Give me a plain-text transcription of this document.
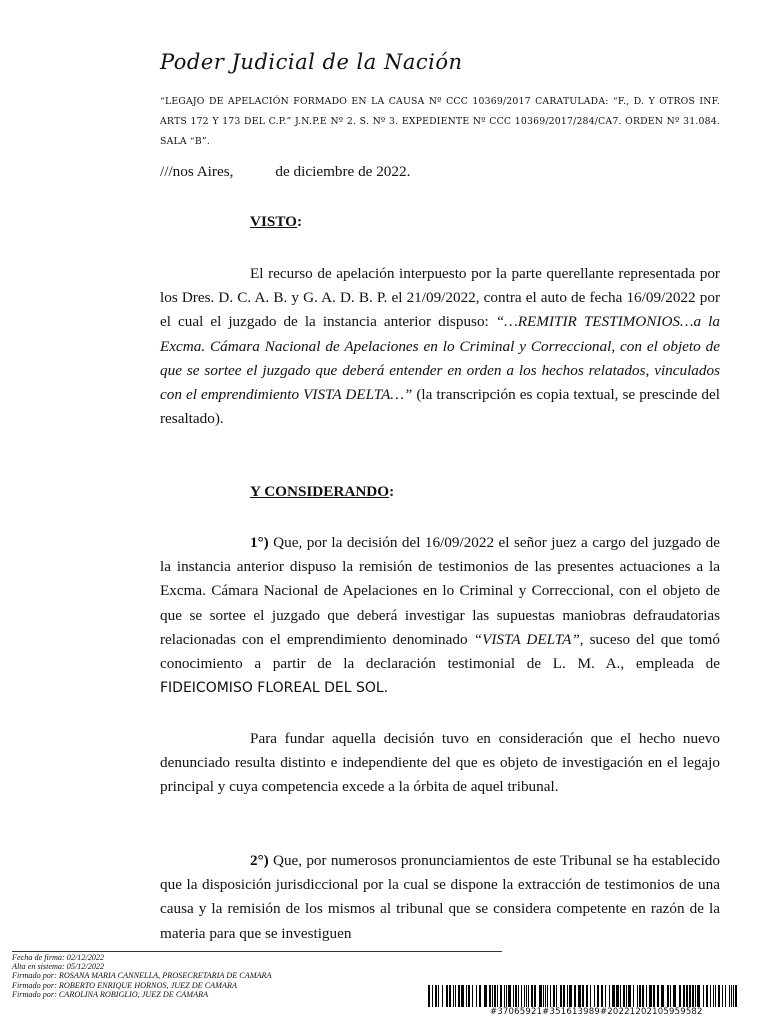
Poder Judicial de la Nación
“LEGAJO DE APELACIÓN FORMADO EN LA CAUSA Nº CCC 10369/2017 CARATULADA: “F., D. Y OTROS INF. ARTS 172 Y 173 DEL C.P.” J.N.P.E Nº 2. S. Nº 3. EXPEDIENTE Nº CCC 10369/2017/284/CA7. ORDEN Nº 31.084. SALA “B”.
///nos Aires,	de diciembre de 2022.
VISTO:
El recurso de apelación interpuesto por la parte querellante representada por los Dres. D. C. A. B. y G. A. D. B. P. el 21/09/2022, contra el auto de fecha 16/09/2022 por el cual el juzgado de la instancia anterior dispuso: “…REMITIR TESTIMONIOS…a la Excma. Cámara Nacional de Apelaciones en lo Criminal y Correccional, con el objeto de que se sortee el juzgado que deberá entender en orden a los hechos relatados, vinculados con el emprendimiento VISTA DELTA…” (la transcripción es copia textual, se prescinde del resaltado).
Y CONSIDERANDO:
1°) Que, por la decisión del 16/09/2022 el señor juez a cargo del juzgado de la instancia anterior dispuso la remisión de testimonios de las presentes actuaciones a la Excma. Cámara Nacional de Apelaciones en lo Criminal y Correccional, con el objeto de que se sortee el juzgado que deberá investigar las supuestas maniobras defraudatorias relacionadas con el emprendimiento denominado “VISTA DELTA”, suceso del que tomó conocimiento a partir de la declaración testimonial de L. M. A., empleada de FIDEICOMISO FLOREAL DEL SOL.
Para fundar aquella decisión tuvo en consideración que el hecho nuevo denunciado resulta distinto e independiente del que es objeto de investigación en el legajo principal y cuya competencia excede a la órbita de aquel tribunal.
2°) Que, por numerosos pronunciamientos de este Tribunal se ha establecido que la disposición jurisdiccional por la cual se dispone la extracción de testimonios de una causa y la remisión de los mismos al tribunal que se considera competente en razón de la materia para que se investiguen
Fecha de firma: 02/12/2022
Alta en sistema: 05/12/2022
Firmado por: ROSANA MARIA CANNELLA, PROSECRETARIA DE CAMARA
Firmado por: ROBERTO ENRIQUE HORNOS, JUEZ DE CAMARA
Firmado por: CAROLINA ROBIGLIO, JUEZ DE CAMARA
#37065921#351613989#20221202105959582
